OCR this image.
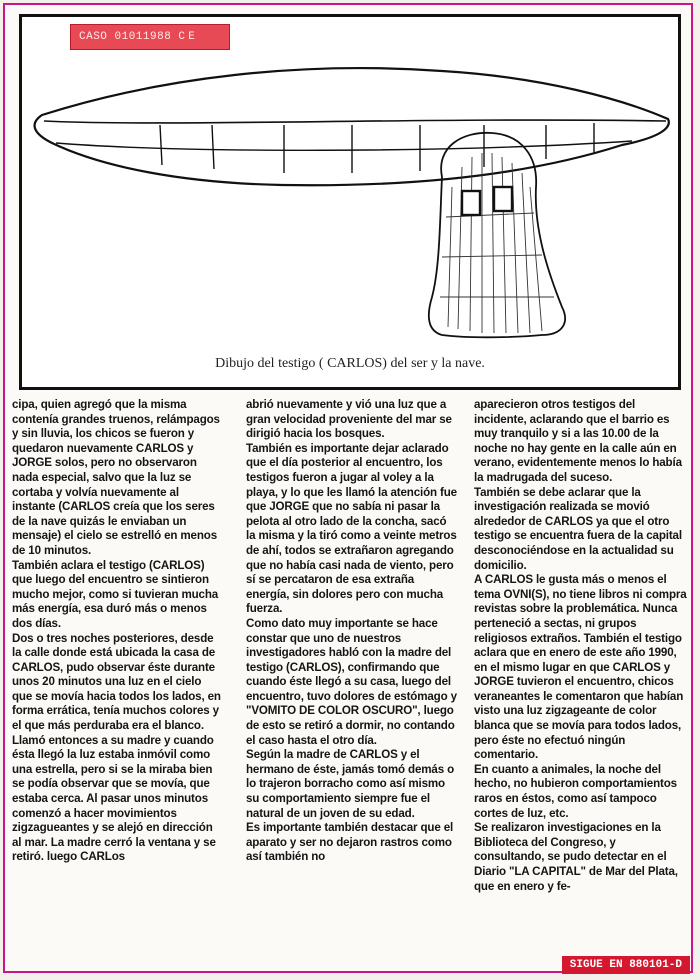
CASO 01011988 C E
Dibujo del testigo ( CARLOS) del ser y la nave.

cipa, quien agregó que la misma contenía grandes truenos, relámpagos y sin lluvia, los chicos se fueron y quedaron nuevamente CARLOS y JORGE solos, pero no observaron nada especial, salvo que la luz se cortaba y volvía nuevamente al instante (CARLOS creía que los seres de la nave quizás le enviaban un mensaje) el cielo se estrelló en menos de 10 minutos.

También aclara el testigo (CARLOS) que luego del encuentro se sintieron mucho mejor, como si tuvieran mucha más energía, esa duró más o menos dos días.

Dos o tres noches posteriores, desde la calle donde está ubicada la casa de CARLOS, pudo observar éste durante unos 20 minutos una luz en el cielo que se movía hacia todos los lados, en forma errática, tenía muchos colores y el que más perduraba era el blanco. Llamó entonces a su madre y cuando ésta llegó la luz estaba inmóvil como una estrella, pero si se la miraba bien se podía observar que se movía, que estaba cerca. Al pasar unos minutos comenzó a hacer movimientos zigzagueantes y se alejó en dirección al mar. La madre cerró la ventana y se retiró. luego CARLos

abrió nuevamente y vió una luz que a gran velocidad proveniente del mar se dirigió hacia los bosques.

También es importante dejar aclarado que el día posterior al encuentro, los testigos fueron a jugar al voley a la playa, y lo que les llamó la atención fue que JORGE que no sabía ni pasar la pelota al otro lado de la concha, sacó la misma y la tiró como a veinte metros de ahí, todos se extrañaron agregando que no había casi nada de viento, pero sí se percataron de esa extraña energía, sin dolores pero con mucha fuerza.

Como dato muy importante se hace constar que uno de nuestros investigadores habló con la madre del testigo (CARLOS), confirmando que cuando éste llegó a su casa, luego del encuentro, tuvo dolores de estómago y "VOMITO DE COLOR OSCURO", luego de esto se retiró a dormir, no contando el caso hasta el otro día.

Según la madre de CARLOS y el hermano de éste, jamás tomó demás o lo trajeron borracho como así mismo su comportamiento siempre fue el natural de un joven de su edad.

Es importante también destacar que el aparato y ser no dejaron rastros como así también no

aparecieron otros testigos del incidente, aclarando que el barrio es muy tranquilo y si a las 10.00 de la noche no hay gente en la calle aún en verano, evidentemente menos lo había la madrugada del suceso.

También se debe aclarar que la investigación realizada se movió alrededor de CARLOS ya que el otro testigo se encuentra fuera de la capital desconociéndose en la actualidad su domicilio.

A CARLOS le gusta más o menos el tema OVNI(S), no tiene libros ni compra revistas sobre la problemática. Nunca perteneció a sectas, ni grupos religiosos extraños. También el testigo aclara que en enero de este año 1990, en el mismo lugar en que CARLOS y JORGE tuvieron el encuentro, chicos veraneantes le comentaron que habían visto una luz zigzageante de color blanca que se movía para todos lados, pero éste no efectuó ningún comentario.

En cuanto a animales, la noche del hecho, no hubieron comportamientos raros en éstos, como así tampoco cortes de luz, etc.

Se realizaron investigaciones en la Biblioteca del Congreso, y consultando, se pudo detectar en el Diario "LA CAPITAL" de Mar del Plata, que en enero y fe-

SIGUE EN 880101-D
